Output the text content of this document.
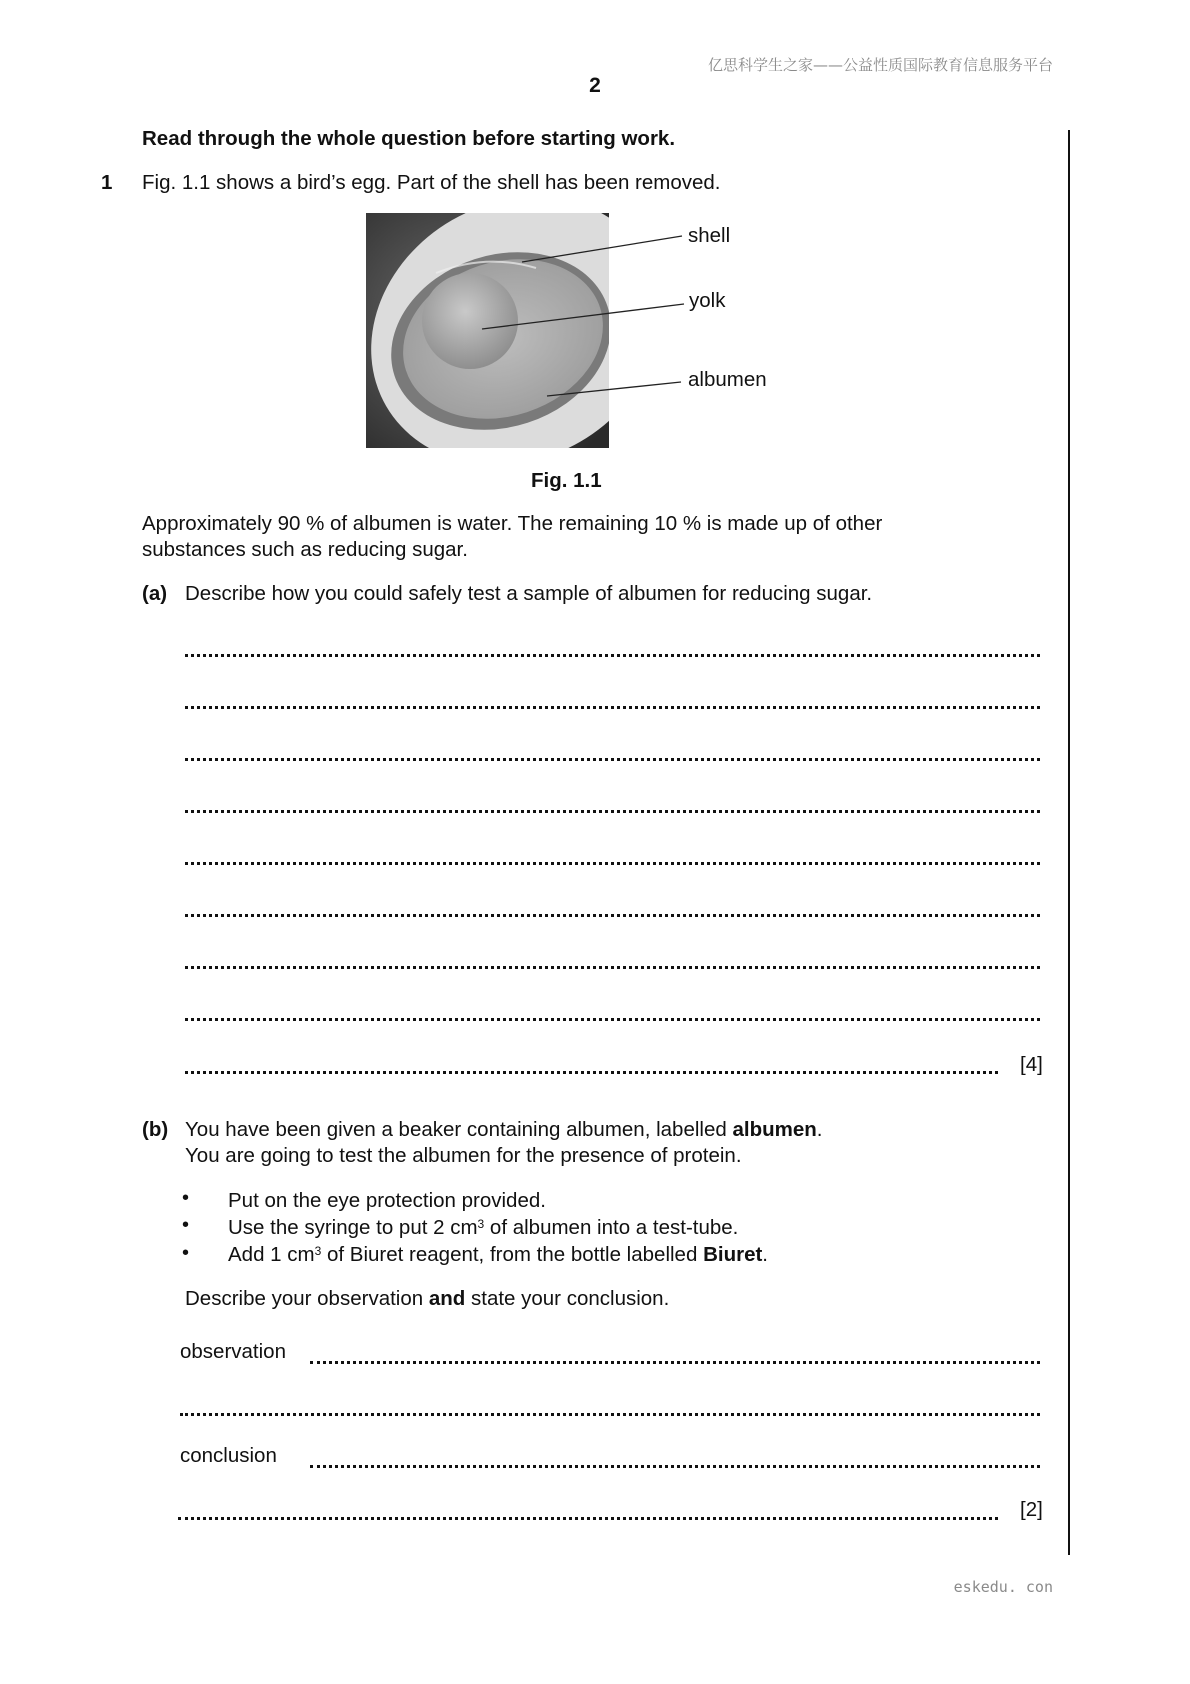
亿思科学生之家——公益性质国际教育信息服务平台
2
Read through the whole question before starting work.
1 Fig. 1.1 shows a bird’s egg. Part of the shell has been removed.
shell
yolk
albumen
Fig. 1.1
Approximately 90 % of albumen is water. The remaining 10 % is made up of other
substances such as reducing sugar.
(a) Describe how you could safely test a sample of albumen for reducing sugar.
[4]
(b) You have been given a beaker containing albumen, labelled albumen.
You are going to test the albumen for the presence of protein.
• Put on the eye protection provided.
• Use the syringe to put 2 $cm^3$ of albumen into a test-tube.
• Add 1 $cm^3$ of Biuret reagent, from the bottle labelled Biuret.
Describe your observation and state your conclusion.
observation
conclusion
[2]
eskedu. con
